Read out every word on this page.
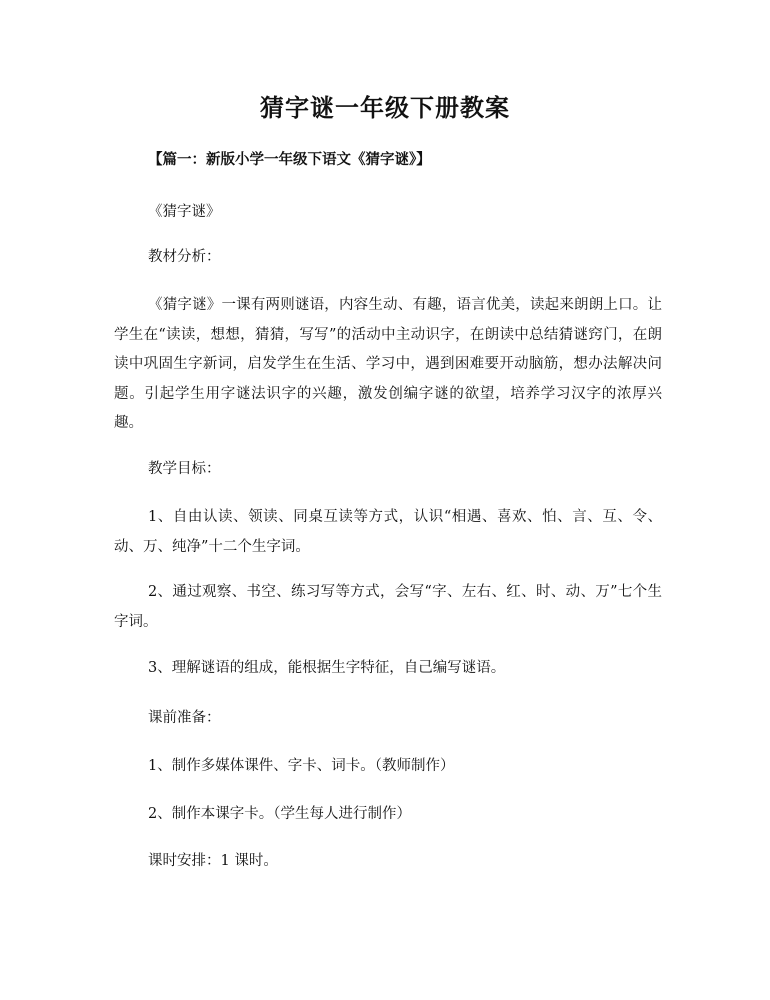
猜字谜一年级下册教案

【篇一：新版小学一年级下语文《猜字谜》】

《猜字谜》

教材分析：

《猜字谜》一课有两则谜语，内容生动、有趣，语言优美，读起来朗朗上口。让学生在“读读，想想，猜猜，写写”的活动中主动识字，在朗读中总结猜谜窍门，在朗读中巩固生字新词，启发学生在生活、学习中，遇到困难要开动脑筋，想办法解决问题。引起学生用字谜法识字的兴趣，激发创编字谜的欲望，培养学习汉字的浓厚兴趣。

教学目标：

1、自由认读、领读、同桌互读等方式，认识“相遇、喜欢、怕、言、互、令、动、万、纯净”十二个生字词。

2、通过观察、书空、练习写等方式，会写“字、左右、红、时、动、万”七个生字词。

3、理解谜语的组成，能根据生字特征，自己编写谜语。

课前准备：

1、制作多媒体课件、字卡、词卡。（教师制作）

2、制作本课字卡。（学生每人进行制作）

课时安排：1 课时。
